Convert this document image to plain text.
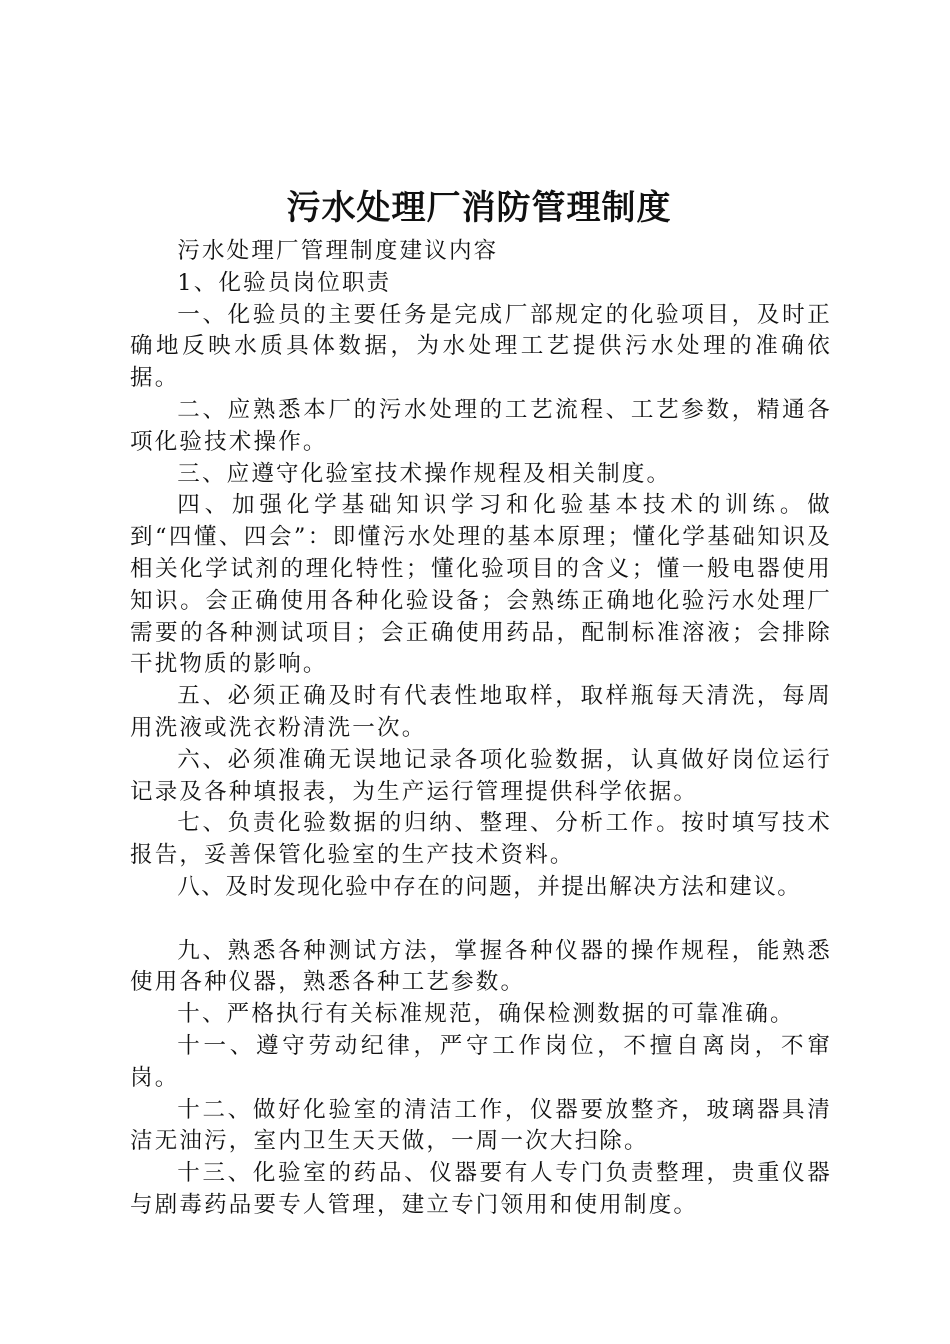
污水处理厂消防管理制度

污水处理厂管理制度建议内容

1、化验员岗位职责

一、化验员的主要任务是完成厂部规定的化验项目，及时正确地反映水质具体数据，为水处理工艺提供污水处理的准确依据。

二、应熟悉本厂的污水处理的工艺流程、工艺参数，精通各项化验技术操作。

三、应遵守化验室技术操作规程及相关制度。

四、加强化学基础知识学习和化验基本技术的训练。做到“四懂、四会”：即懂污水处理的基本原理；懂化学基础知识及相关化学试剂的理化特性；懂化验项目的含义；懂一般电器使用知识。会正确使用各种化验设备；会熟练正确地化验污水处理厂需要的各种测试项目；会正确使用药品，配制标准溶液；会排除干扰物质的影响。

五、必须正确及时有代表性地取样，取样瓶每天清洗，每周用洗液或洗衣粉清洗一次。

六、必须准确无误地记录各项化验数据，认真做好岗位运行记录及各种填报表，为生产运行管理提供科学依据。

七、负责化验数据的归纳、整理、分析工作。按时填写技术报告，妥善保管化验室的生产技术资料。

八、及时发现化验中存在的问题，并提出解决方法和建议。

九、熟悉各种测试方法，掌握各种仪器的操作规程，能熟悉使用各种仪器，熟悉各种工艺参数。

十、严格执行有关标准规范，确保检测数据的可靠准确。

十一、遵守劳动纪律，严守工作岗位，不擅自离岗，不窜岗。

十二、做好化验室的清洁工作，仪器要放整齐，玻璃器具清洁无油污，室内卫生天天做，一周一次大扫除。

十三、化验室的药品、仪器要有人专门负责整理，贵重仪器与剧毒药品要专人管理，建立专门领用和使用制度。
